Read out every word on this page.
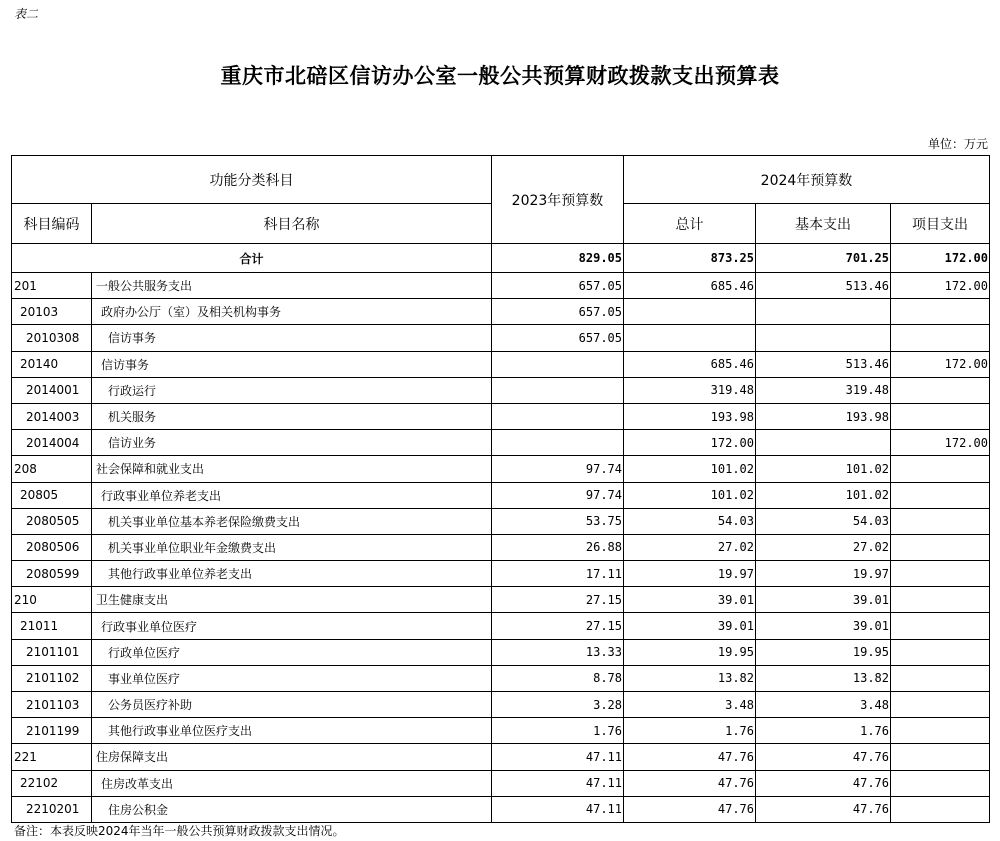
表二
重庆市北碚区信访办公室一般公共预算财政拨款支出预算表
单位：万元
功能分类科目		2023年预算数	2024年预算数		
科目编码	科目名称		总计	基本支出	项目支出
合计		829.05	873.25	701.25	172.00
201	一般公共服务支出	657.05	685.46	513.46	172.00
20103	政府办公厅（室）及相关机构事务	657.05			
2010308	信访事务	657.05			
20140	信访事务		685.46	513.46	172.00
2014001	行政运行		319.48	319.48	
2014003	机关服务		193.98	193.98	
2014004	信访业务		172.00		172.00
208	社会保障和就业支出	97.74	101.02	101.02	
20805	行政事业单位养老支出	97.74	101.02	101.02	
2080505	机关事业单位基本养老保险缴费支出	53.75	54.03	54.03	
2080506	机关事业单位职业年金缴费支出	26.88	27.02	27.02	
2080599	其他行政事业单位养老支出	17.11	19.97	19.97	
210	卫生健康支出	27.15	39.01	39.01	
21011	行政事业单位医疗	27.15	39.01	39.01	
2101101	行政单位医疗	13.33	19.95	19.95	
2101102	事业单位医疗	8.78	13.82	13.82	
2101103	公务员医疗补助	3.28	3.48	3.48	
2101199	其他行政事业单位医疗支出	1.76	1.76	1.76	
221	住房保障支出	47.11	47.76	47.76	
22102	住房改革支出	47.11	47.76	47.76	
2210201	住房公积金	47.11	47.76	47.76	
备注：本表反映2024年当年一般公共预算财政拨款支出情况。
